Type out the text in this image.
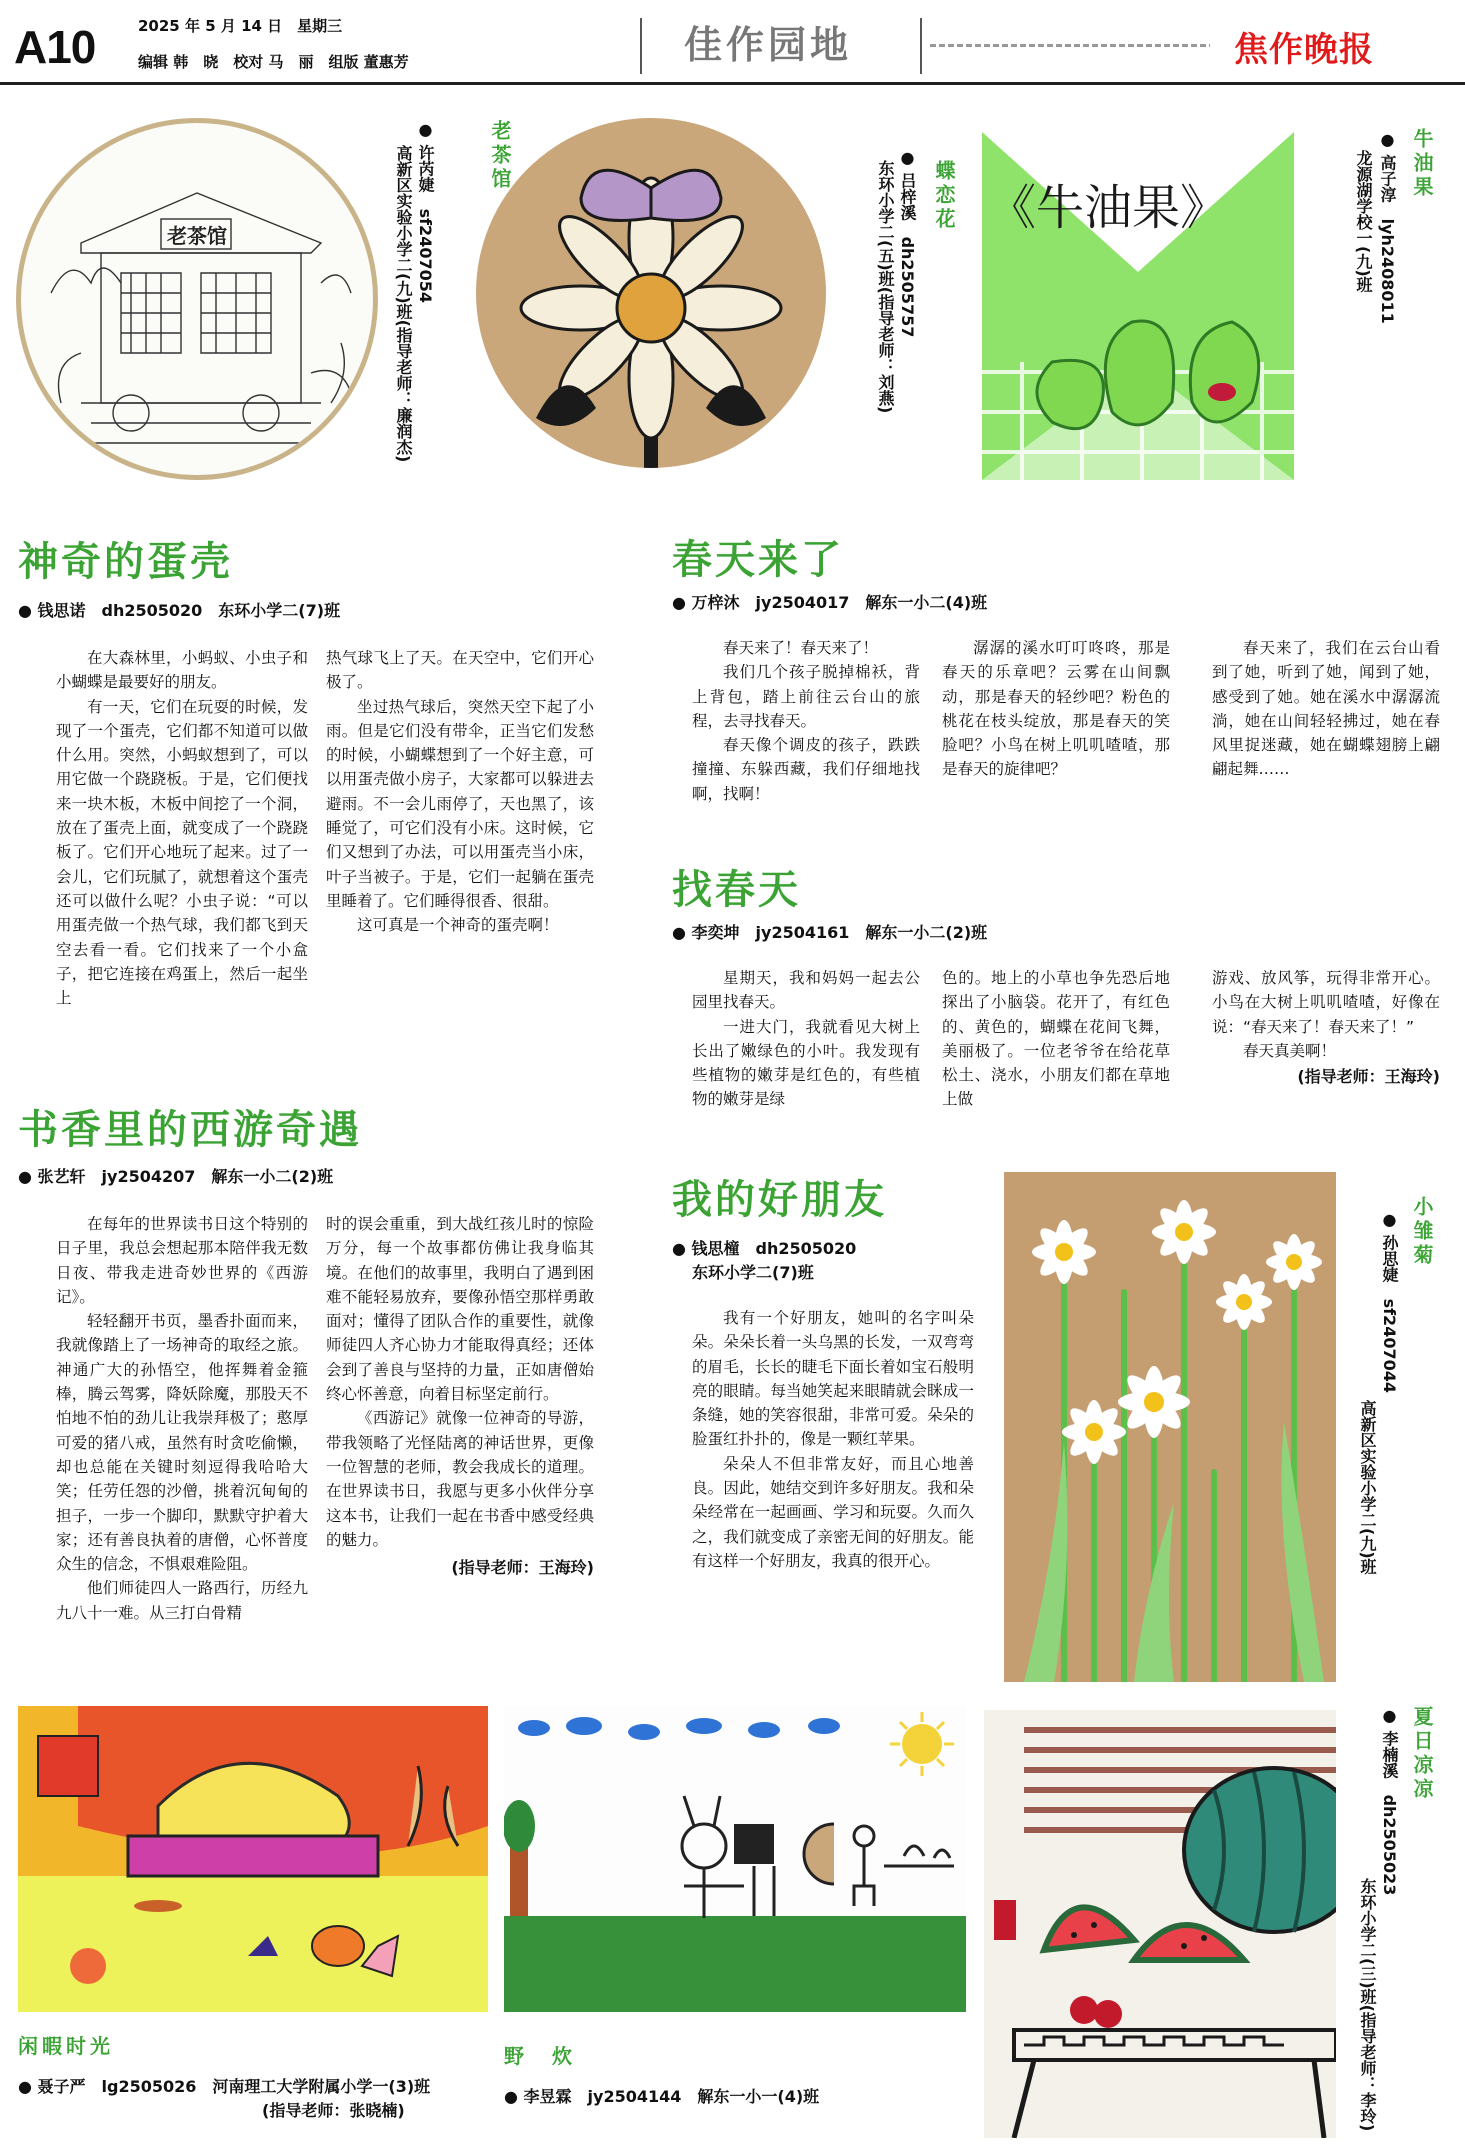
A10	2025 年 5 月 14 日　星期三
编辑 韩　晓　校对 马　丽　组版 董惠芳	佳作园地	焦作晚报
老茶馆
老茶馆
● 许芮婕　sf2407054
高新区实验小学二(九)班(指导老师：廉润杰)	蝶恋花
● 吕梓溪　dh2505757
东环小学二(五)班(指导老师：刘燕) 《牛油果》
牛油果
● 高子淳　lyh2408011
龙源湖学校一(九)班
神奇的蛋壳
● 钱思诺　dh2505020　东环小学二(7)班

在大森林里，小蚂蚁、小虫子和小蝴蝶是最要好的朋友。

有一天，它们在玩耍的时候，发现了一个蛋壳，它们都不知道可以做什么用。突然，小蚂蚁想到了，可以用它做一个跷跷板。于是，它们便找来一块木板，木板中间挖了一个洞，放在了蛋壳上面，就变成了一个跷跷板了。它们开心地玩了起来。过了一会儿，它们玩腻了，就想着这个蛋壳还可以做什么呢？小虫子说：“可以用蛋壳做一个热气球，我们都飞到天空去看一看。它们找来了一个小盒子，把它连接在鸡蛋上，然后一起坐上

热气球飞上了天。在天空中，它们开心极了。

坐过热气球后，突然天空下起了小雨。但是它们没有带伞，正当它们发愁的时候，小蝴蝶想到了一个好主意，可以用蛋壳做小房子，大家都可以躲进去避雨。不一会儿雨停了，天也黑了，该睡觉了，可它们没有小床。这时候，它们又想到了办法，可以用蛋壳当小床，叶子当被子。于是，它们一起躺在蛋壳里睡着了。它们睡得很香、很甜。

这可真是一个神奇的蛋壳啊！

春天来了
● 万梓沐　jy2504017　解东一小二(4)班

春天来了！春天来了！

我们几个孩子脱掉棉袄，背上背包，踏上前往云台山的旅程，去寻找春天。

春天像个调皮的孩子，跌跌撞撞、东躲西藏，我们仔细地找啊，找啊！

潺潺的溪水叮叮咚咚，那是春天的乐章吧？云雾在山间飘动，那是春天的轻纱吧？粉色的桃花在枝头绽放，那是春天的笑脸吧？小鸟在树上叽叽喳喳，那是春天的旋律吧？

春天来了，我们在云台山看到了她，听到了她，闻到了她，感受到了她。她在溪水中潺潺流淌，她在山间轻轻拂过，她在春风里捉迷藏，她在蝴蝶翅膀上翩翩起舞……

找春天
● 李奕坤　jy2504161　解东一小二(2)班

星期天，我和妈妈一起去公园里找春天。

一进大门，我就看见大树上长出了嫩绿色的小叶。我发现有些植物的嫩芽是红色的，有些植物的嫩芽是绿

色的。地上的小草也争先恐后地探出了小脑袋。花开了，有红色的、黄色的，蝴蝶在花间飞舞，美丽极了。一位老爷爷在给花草松土、浇水，小朋友们都在草地上做

游戏、放风筝，玩得非常开心。小鸟在大树上叽叽喳喳，好像在说：“春天来了！春天来了！”

春天真美啊！

(指导老师：王海玲)
书香里的西游奇遇
● 张艺轩　jy2504207　解东一小二(2)班

在每年的世界读书日这个特别的日子里，我总会想起那本陪伴我无数日夜、带我走进奇妙世界的《西游记》。

轻轻翻开书页，墨香扑面而来，我就像踏上了一场神奇的取经之旅。神通广大的孙悟空，他挥舞着金箍棒，腾云驾雾，降妖除魔，那股天不怕地不怕的劲儿让我崇拜极了；憨厚可爱的猪八戒，虽然有时贪吃偷懒，却也总能在关键时刻逗得我哈哈大笑；任劳任怨的沙僧，挑着沉甸甸的担子，一步一个脚印，默默守护着大家；还有善良执着的唐僧，心怀普度众生的信念，不惧艰难险阻。

他们师徒四人一路西行，历经九九八十一难。从三打白骨精

时的误会重重，到大战红孩儿时的惊险万分，每一个故事都仿佛让我身临其境。在他们的故事里，我明白了遇到困难不能轻易放弃，要像孙悟空那样勇敢面对；懂得了团队合作的重要性，就像师徒四人齐心协力才能取得真经；还体会到了善良与坚持的力量，正如唐僧始终心怀善意，向着目标坚定前行。

《西游记》就像一位神奇的导游，带我领略了光怪陆离的神话世界，更像一位智慧的老师，教会我成长的道理。在世界读书日，我愿与更多小伙伴分享这本书，让我们一起在书香中感受经典的魅力。

(指导老师：王海玲)
我的好朋友
● 钱思橦　dh2505020
东环小学二(7)班

我有一个好朋友，她叫的名字叫朵朵。朵朵长着一头乌黑的长发，一双弯弯的眉毛，长长的睫毛下面长着如宝石般明亮的眼睛。每当她笑起来眼睛就会眯成一条缝，她的笑容很甜，非常可爱。朵朵的脸蛋红扑扑的，像是一颗红苹果。

朵朵人不但非常友好，而且心地善良。因此，她结交到许多好朋友。我和朵朵经常在一起画画、学习和玩耍。久而久之，我们就变成了亲密无间的好朋友。能有这样一个好朋友，我真的很开心。

小雏菊
● 孙思婕　sf2407044
高新区实验小学二(九)班
闲暇时光
● 聂子严　lg2505026　河南理工大学附属小学一(3)班
(指导老师：张晓楠)
野　炊
● 李昱霖　jy2504144　解东一小一(4)班
夏日凉凉
● 李楠溪　dh2505023
东环小学二(三)班(指导老师：李玲)
